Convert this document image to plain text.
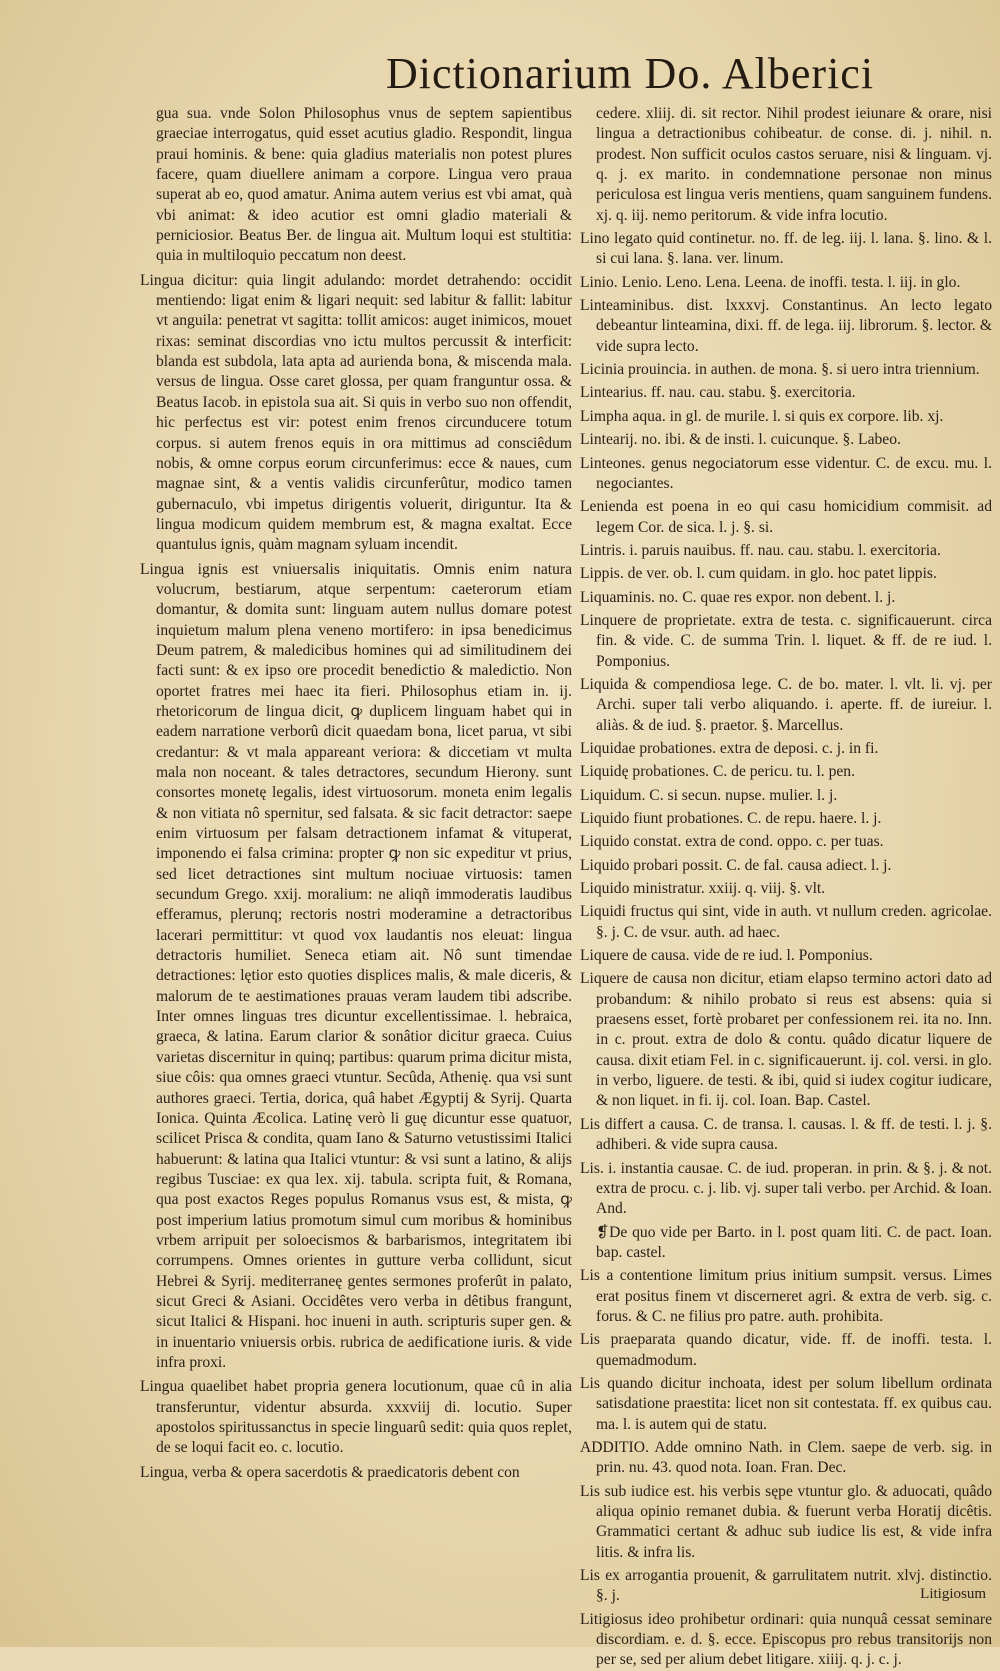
Dictionarium Do. Alberici

gua sua. vnde Solon Philosophus vnus de septem sapientibus graeciae interrogatus, quid esset acutius gladio. Respondit, lingua praui hominis. & bene: quia gladius materialis non potest plures facere, quam diuellere animam a corpore. Lingua vero praua superat ab eo, quod amatur. Anima autem verius est vbi amat, quà vbi animat: & ideo acutior est omni gladio materiali & perniciosior. Beatus Ber. de lingua ait. Multum loqui est stultitia: quia in multiloquio peccatum non deest.

Lingua dicitur: quia lingit adulando: mordet detrahendo: occidit mentiendo: ligat enim & ligari nequit: sed labitur & fallit: labitur vt anguila: penetrat vt sagitta: tollit amicos: auget inimicos, mouet rixas: seminat discordias vno ictu multos percussit & interficit: blanda est subdola, lata apta ad aurienda bona, & miscenda mala. versus de lingua. Osse caret glossa, per quam franguntur ossa. & Beatus Iacob. in epistola sua ait. Si quis in verbo suo non offendit, hic perfectus est vir: potest enim frenos circunducere totum corpus. si autem frenos equis in ora mittimus ad consciêdum nobis, & omne corpus eorum circunferimus: ecce & naues, cum magnae sint, & a ventis validis circunferûtur, modico tamen gubernaculo, vbi impetus dirigentis voluerit, diriguntur. Ita & lingua modicum quidem membrum est, & magna exaltat. Ecce quantulus ignis, quàm magnam syluam incendit.

Lingua ignis est vniuersalis iniquitatis. Omnis enim natura volucrum, bestiarum, atque serpentum: caeterorum etiam domantur, & domita sunt: linguam autem nullus domare potest inquietum malum plena veneno mortifero: in ipsa benedicimus Deum patrem, & maledicibus homines qui ad similitudinem dei facti sunt: & ex ipso ore procedit benedictio & maledictio. Non oportet fratres mei haec ita fieri. Philosophus etiam in. ij. rhetoricorum de lingua dicit, ꝙ duplicem linguam habet qui in eadem narratione verborû dicit quaedam bona, licet parua, vt sibi credantur: & vt mala appareant veriora: & diccetiam vt multa mala non noceant. & tales detractores, secundum Hierony. sunt consortes monetę legalis, idest virtuosorum. moneta enim legalis & non vitiata nô spernitur, sed falsata. & sic facit detractor: saepe enim virtuosum per falsam detractionem infamat & vituperat, imponendo ei falsa crimina: propter ꝙ non sic expeditur vt prius, sed licet detractiones sint multum nociuae virtuosis: tamen secundum Grego. xxij. moralium: ne aliqñ immoderatis laudibus efferamus, plerunq; rectoris nostri moderamine a detractoribus lacerari permittitur: vt quod vox laudantis nos eleuat: lingua detractoris humiliet. Seneca etiam ait. Nô sunt timendae detractiones: lętior esto quoties displices malis, & male diceris, & malorum de te aestimationes prauas veram laudem tibi adscribe. Inter omnes linguas tres dicuntur excellentissimae. l. hebraica, graeca, & latina. Earum clarior & sonâtior dicitur graeca. Cuius varietas discernitur in quinq; partibus: quarum prima dicitur mista, siue côis: qua omnes graeci vtuntur. Secûda, Athenię. qua vsi sunt authores graeci. Tertia, dorica, quâ habet Ægyptij & Syrij. Quarta Ionica. Quinta Æcolica. Latinę verò li guę dicuntur esse quatuor, scilicet Prisca & condita, quam Iano & Saturno vetustissimi Italici habuerunt: & latina qua Italici vtuntur: & vsi sunt a latino, & alijs regibus Tusciae: ex qua lex. xij. tabula. scripta fuit, & Romana, qua post exactos Reges populus Romanus vsus est, & mista, ꝙ post imperium latius promotum simul cum moribus & hominibus vrbem arripuit per soloecismos & barbarismos, integritatem ibi corrumpens. Omnes orientes in gutture verba collidunt, sicut Hebrei & Syrij. mediterraneę gentes sermones proferût in palato, sicut Greci & Asiani. Occidêtes vero verba in dêtibus frangunt, sicut Italici & Hispani. hoc inueni in auth. scripturis super gen. & in inuentario vniuersis orbis. rubrica de aedificatione iuris. & vide infra proxi.

Lingua quaelibet habet propria genera locutionum, quae cû in alia transferuntur, videntur absurda. xxxviij di. locutio. Super apostolos spiritussanctus in specie linguarû sedit: quia quos replet, de se loqui facit eo. c. locutio.

Lingua, verba & opera sacerdotis & praedicatoris debent con

cedere. xliij. di. sit rector. Nihil prodest ieiunare & orare, nisi lingua a detractionibus cohibeatur. de conse. di. j. nihil. n. prodest. Non sufficit oculos castos seruare, nisi & linguam. vj. q. j. ex marito. in condemnatione personae non minus periculosa est lingua veris mentiens, quam sanguinem fundens. xj. q. iij. nemo peritorum. & vide infra locutio.

Lino legato quid continetur. no. ff. de leg. iij. l. lana. §. lino. & l. si cui lana. §. lana. ver. linum.

Linio. Lenio. Leno. Lena. Leena. de inoffi. testa. l. iij. in glo.

Linteaminibus. dist. lxxxvj. Constantinus. An lecto legato debeantur linteamina, dixi. ff. de lega. iij. librorum. §. lector. & vide supra lecto.

Licinia prouincia. in authen. de mona. §. si uero intra triennium.

Lintearius. ff. nau. cau. stabu. §. exercitoria.

Limpha aqua. in gl. de murile. l. si quis ex corpore. lib. xj.

Lintearij. no. ibi. & de insti. l. cuicunque. §. Labeo.

Linteones. genus negociatorum esse videntur. C. de excu. mu. l. negociantes.

Lenienda est poena in eo qui casu homicidium commisit. ad legem Cor. de sica. l. j. §. si.

Lintris. i. paruis nauibus. ff. nau. cau. stabu. l. exercitoria.

Lippis. de ver. ob. l. cum quidam. in glo. hoc patet lippis.

Liquaminis. no. C. quae res expor. non debent. l. j.

Linquere de proprietate. extra de testa. c. significauerunt. circa fin. & vide. C. de summa Trin. l. liquet. & ff. de re iud. l. Pomponius.

Liquida & compendiosa lege. C. de bo. mater. l. vlt. li. vj. per Archi. super tali verbo aliquando. i. aperte. ff. de iureiur. l. aliàs. & de iud. §. praetor. §. Marcellus.

Liquidae probationes. extra de deposi. c. j. in fi.

Liquidę probationes. C. de pericu. tu. l. pen.

Liquidum. C. si secun. nupse. mulier. l. j.

Liquido fiunt probationes. C. de repu. haere. l. j.

Liquido constat. extra de cond. oppo. c. per tuas.

Liquido probari possit. C. de fal. causa adiect. l. j.

Liquido ministratur. xxiij. q. viij. §. vlt.

Liquidi fructus qui sint, vide in auth. vt nullum creden. agricolae. §. j. C. de vsur. auth. ad haec.

Liquere de causa. vide de re iud. l. Pomponius.

Liquere de causa non dicitur, etiam elapso termino actori dato ad probandum: & nihilo probato si reus est absens: quia si praesens esset, fortè probaret per confessionem rei. ita no. Inn. in c. prout. extra de dolo & contu. quâdo dicatur liquere de causa. dixit etiam Fel. in c. significauerunt. ij. col. versi. in glo. in verbo, liguere. de testi. & ibi, quid si iudex cogitur iudicare, & non liquet. in fi. ij. col. Ioan. Bap. Castel.

Lis differt a causa. C. de transa. l. causas. l. & ff. de testi. l. j. §. adhiberi. & vide supra causa.

Lis. i. instantia causae. C. de iud. properan. in prin. & §. j. & not. extra de procu. c. j. lib. vj. super tali verbo. per Archid. & Ioan. And.

❡De quo vide per Barto. in l. post quam liti. C. de pact. Ioan. bap. castel.

Lis a contentione limitum prius initium sumpsit. versus. Limes erat positus finem vt discerneret agri. & extra de verb. sig. c. forus. & C. ne filius pro patre. auth. prohibita.

Lis praeparata quando dicatur, vide. ff. de inoffi. testa. l. quemadmodum.

Lis quando dicitur inchoata, idest per solum libellum ordinata satisdatione praestita: licet non sit contestata. ff. ex quibus cau. ma. l. is autem qui de statu.

ADDITIO. Adde omnino Nath. in Clem. saepe de verb. sig. in prin. nu. 43. quod nota. Ioan. Fran. Dec.

Lis sub iudice est. his verbis sępe vtuntur glo. & aduocati, quâdo aliqua opinio remanet dubia. & fuerunt verba Horatij dicêtis. Grammatici certant & adhuc sub iudice lis est, & vide infra litis. & infra lis.

Lis ex arrogantia prouenit, & garrulitatem nutrit. xlvj. distinctio. §. j.

Litigiosus ideo prohibetur ordinari: quia nunquâ cessat seminare discordiam. e. d. §. ecce. Episcopus pro rebus transitorijs non per se, sed per alium debet litigare. xiiij. q. j. c. j.

Litigiosum
